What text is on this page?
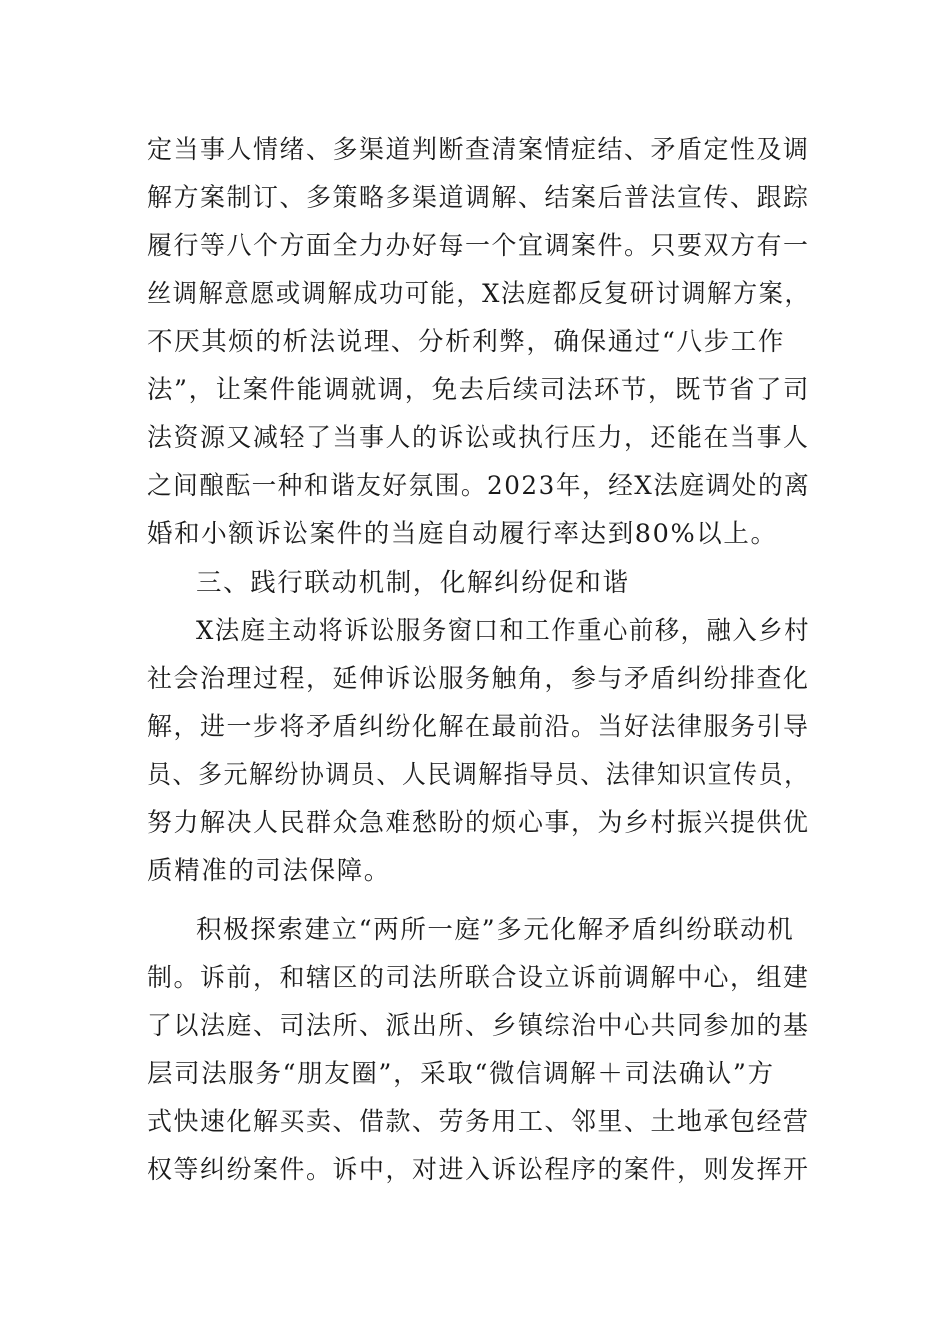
定当事人情绪、多渠道判断查清案情症结、矛盾定性及调
解方案制订、多策略多渠道调解、结案后普法宣传、跟踪
履行等八个方面全力办好每一个宜调案件。只要双方有一
丝调解意愿或调解成功可能，X法庭都反复研讨调解方案，
不厌其烦的析法说理、分析利弊，确保通过“八步工作
法”，让案件能调就调，免去后续司法环节，既节省了司
法资源又减轻了当事人的诉讼或执行压力，还能在当事人
之间酿酝一种和谐友好氛围。2023年，经X法庭调处的离
婚和小额诉讼案件的当庭自动履行率达到80%以上。
三、践行联动机制，化解纠纷促和谐
X法庭主动将诉讼服务窗口和工作重心前移，融入乡村
社会治理过程，延伸诉讼服务触角，参与矛盾纠纷排查化
解，进一步将矛盾纠纷化解在最前沿。当好法律服务引导
员、多元解纷协调员、人民调解指导员、法律知识宣传员，
努力解决人民群众急难愁盼的烦心事，为乡村振兴提供优
质精准的司法保障。
积极探索建立“两所一庭”多元化解矛盾纠纷联动机
制。诉前，和辖区的司法所联合设立诉前调解中心，组建
了以法庭、司法所、派出所、乡镇综治中心共同参加的基
层司法服务“朋友圈”，采取“微信调解＋司法确认”方
式快速化解买卖、借款、劳务用工、邻里、土地承包经营
权等纠纷案件。诉中，对进入诉讼程序的案件，则发挥开
